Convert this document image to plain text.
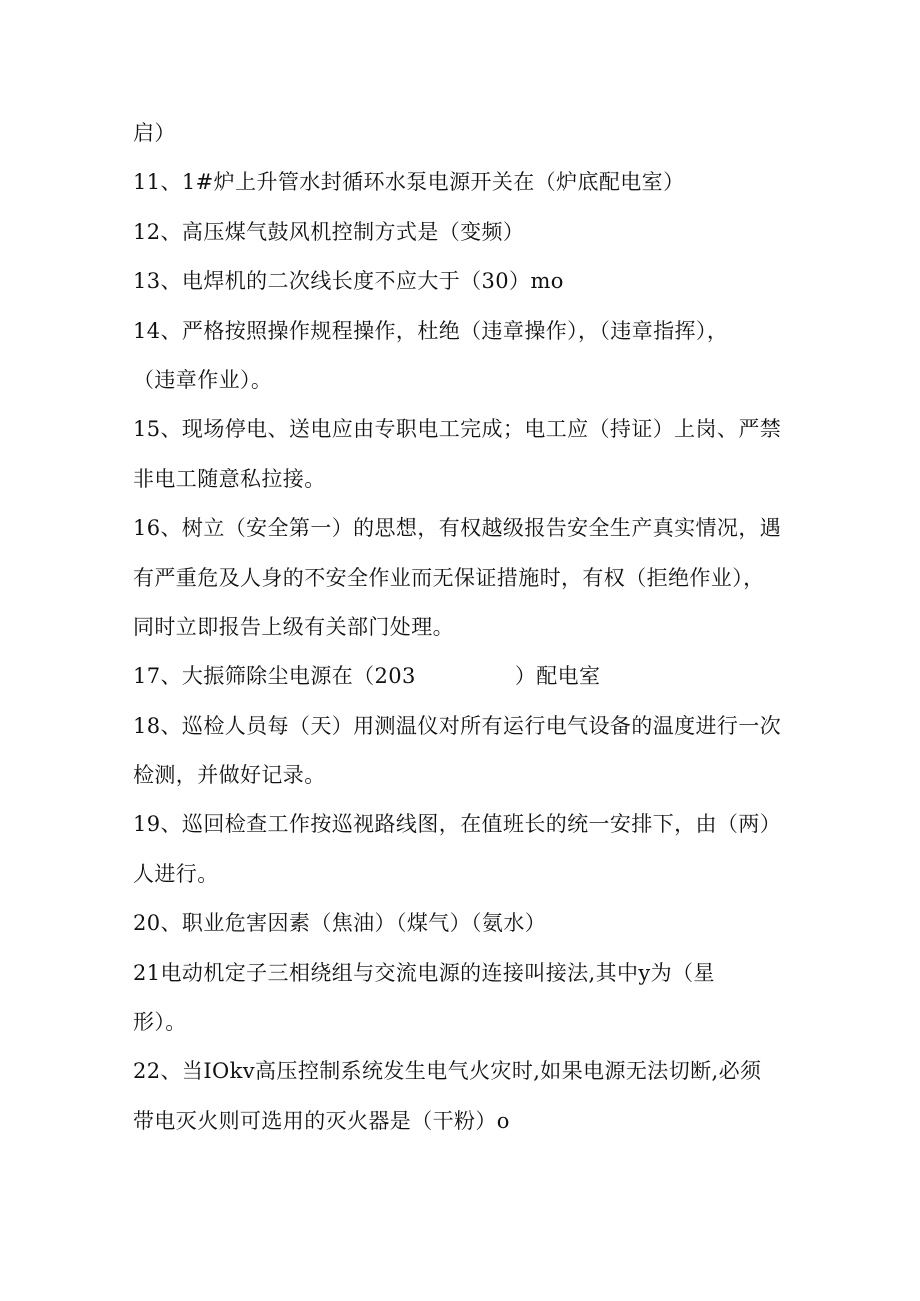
启）
11、1#炉上升管水封循环水泵电源开关在（炉底配电室）
12、高压煤气鼓风机控制方式是（变频）
13、电焊机的二次线长度不应大于（30）mo
14、严格按照操作规程操作，杜绝（违章操作），（违章指挥），
（违章作业）。
15、现场停电、送电应由专职电工完成；电工应（持证）上岗、严禁
非电工随意私拉接。
16、树立（安全第一）的思想，有权越级报告安全生产真实情况，遇
有严重危及人身的不安全作业而无保证措施时，有权（拒绝作业），
同时立即报告上级有关部门处理。
17、大振筛除尘电源在（203              ）配电室
18、巡检人员每（天）用测温仪对所有运行电气设备的温度进行一次
检测，并做好记录。
19、巡回检查工作按巡视路线图，在值班长的统一安排下，由（两）
人进行。
20、职业危害因素（焦油）（煤气）（氨水）
21电动机定子三相绕组与交流电源的连接叫接法,其中y为（星
形）。
22、当IOkv高压控制系统发生电气火灾时,如果电源无法切断,必须
带电灭火则可选用的灭火器是（干粉）o
